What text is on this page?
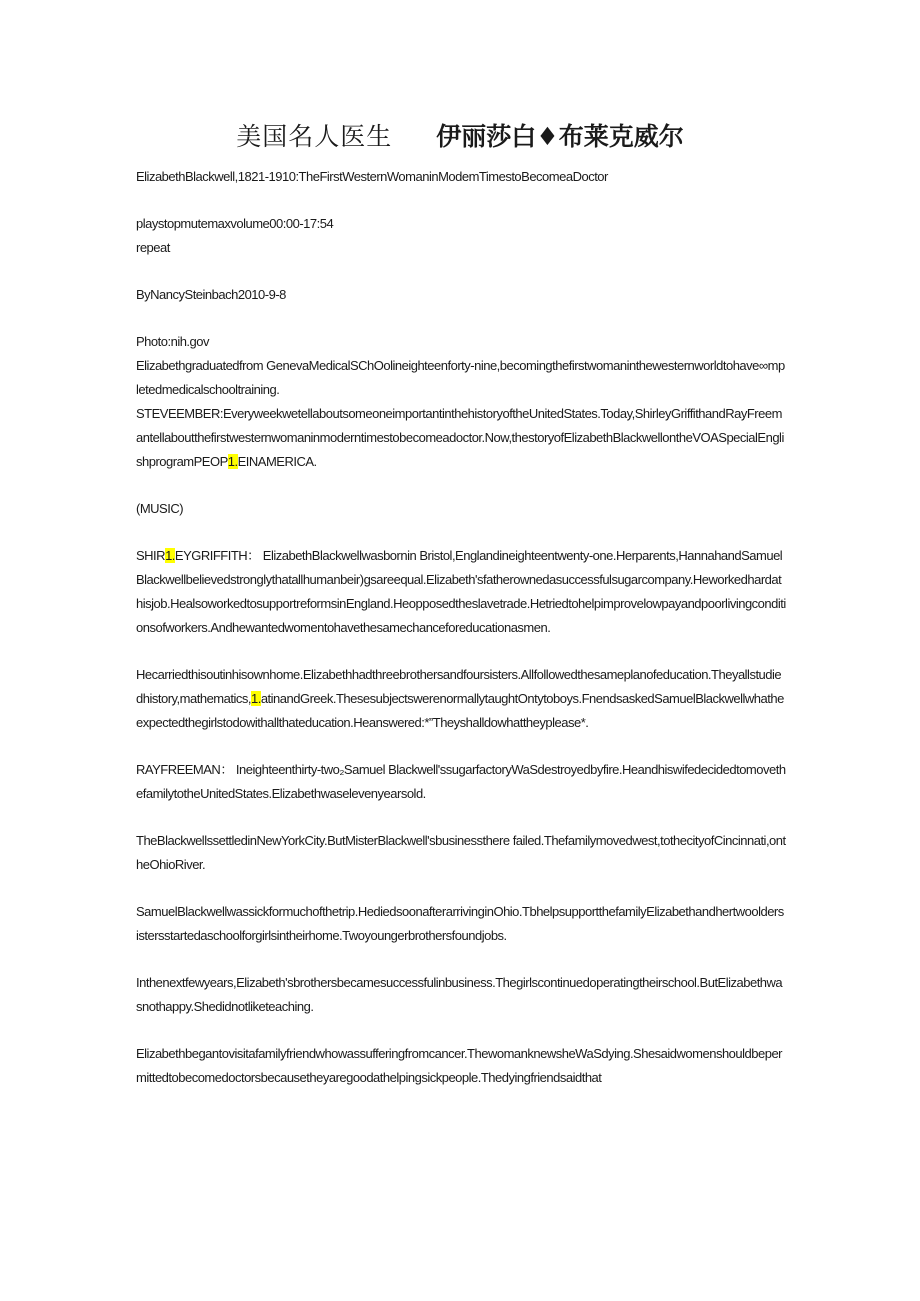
美国名人医生 伊丽莎白♦布莱克威尔

ElizabethBlackwell,1821-1910:TheFirstWesternWomaninModemTimestoBecomeaDoctor

playstopmutemaxvolume00:00-17:54

repeat

ByNancySteinbach2010-9-8

Photo:nih.gov

Elizabethgraduatedfrom GenevaMedicalSChOolineighteenforty-nine,becomingthefirstwomaninthewesternworldtohave∞mpletedmedicalschooltraining.

STEVEEMBER:EveryweekwetellaboutsomeoneimportantinthehistoryoftheUnitedStates.Today,ShirleyGriffithandRayFreemantellaboutthefirstwesternwomaninmoderntimestobecomeadoctor.Now,thestoryofElizabethBlackwellontheVOASpecialEnglishprogramPEOP1.EINAMERICA.

(MUSIC)

SHIR1.EYGRIFFITH： ElizabethBlackwellwasbornin Bristol,Englandineighteentwenty-one.Herparents,HannahandSamuelBlackwellbelievedstronglythatallhumanbeir)gsareequal.Elizabeth'sfatherownedasuccessfulsugarcompany.Heworkedhardathisjob.HealsoworkedtosupportreformsinEngland.Heopposedtheslavetrade.Hetriedtohelpimprovelowpayandpoorlivingconditionsofworkers.Andhewantedwomentohavethesamechanceforeducationasmen.

Hecarriedthisoutinhisownhome.Elizabethhadthreebrothersandfoursisters.Allfollowedthesameplanofeducation.Theyallstudiedhistory,mathematics,1.atinandGreek.ThesesubjectswerenormallytaughtOntytoboys.FnendsaskedSamuelBlackwellwhatheexpectedthegirlstodowithallthateducation.Heanswered:*”Theyshalldowhattheyplease*.

RAYFREEMAN： Ineighteenthirty-two₂Samuel Blackwell'ssugarfactoryWaSdestroyedbyfire.HeandhiswifedecidedtomovethefamilytotheUnitedStates.Elizabethwaselevenyearsold.

TheBlackwellssettledinNewYorkCity.ButMisterBlackwell'sbusinessthere failed.Thefamilymovedwest,tothecityofCincinnati,ontheOhioRiver.

SamuelBlackwellwassickformuchofthetrip.HediedsoonafterarrivinginOhio.TbhelpsupportthefamilyElizabethandhertwooldersistersstartedaschoolforgirlsintheirhome.Twoyoungerbrothersfoundjobs.

Inthenextfewyears,Elizabeth'sbrothersbecamesuccessfulinbusiness.Thegirlscontinuedoperatingtheirschool.ButElizabethwasnothappy.Shedidnotliketeaching.

Elizabethbegantovisitafamilyfriendwhowassufferingfromcancer.ThewomanknewsheWaSdying.Shesaidwomenshouldbepermittedtobecomedoctorsbecausetheyaregoodathelpingsickpeople.Thedyingfriendsaidthat
